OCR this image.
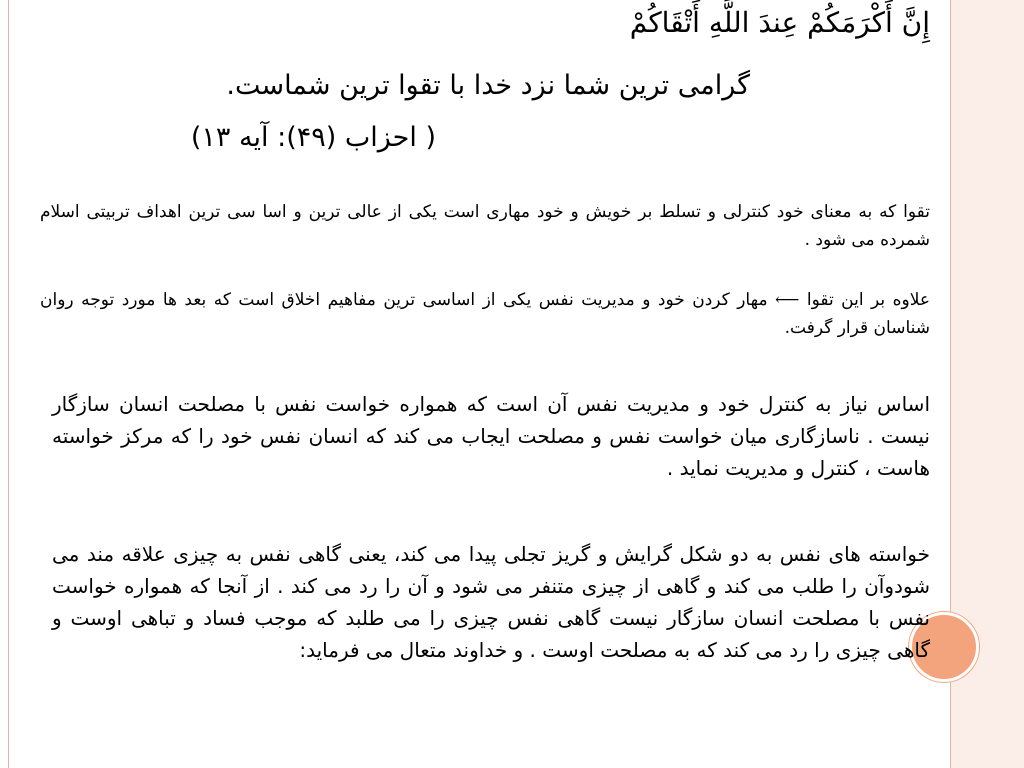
إِنَّ أَكْرَمَكُمْ عِندَ اللَّهِ أَتْقَاكُمْ

گرامی ترین شما نزد خدا با تقوا ترین شماست.

( احزاب (۴۹): آیه ۱۳)

تقوا که به معنای خود کنترلی و تسلط بر خویش و خود مهاری است یکی از عالی ترین و اسا سی ترین اهداف تربیتی اسلام شمرده می شود .

علاوه بر این تقوا ⟵ مهار کردن خود و مدیریت نفس یکی از اساسی ترین مفاهیم اخلاق است که بعد ها مورد توجه روان شناسان قرار گرفت.

اساس نیاز به کنترل خود و مدیریت نفس آن است که همواره خواست نفس با مصلحت انسان سازگار نیست . ناسازگاری میان خواست نفس و مصلحت ایجاب می کند که انسان نفس خود را که مرکز خواسته هاست ، کنترل و مدیریت نماید .

خواسته های نفس به دو شکل گرایش و گریز تجلی پیدا می کند، یعنی گاهی نفس به چیزی علاقه مند می شودوآن را طلب می کند و گاهی از چیزی متنفر می شود و آن را رد می کند . از آنجا که همواره خواست نفس با مصلحت انسان سازگار نیست گاهی نفس چیزی را می طلبد که موجب فساد و تباهی اوست و گاهی چیزی را رد می کند که به مصلحت اوست . و خداوند متعال می فرماید:
